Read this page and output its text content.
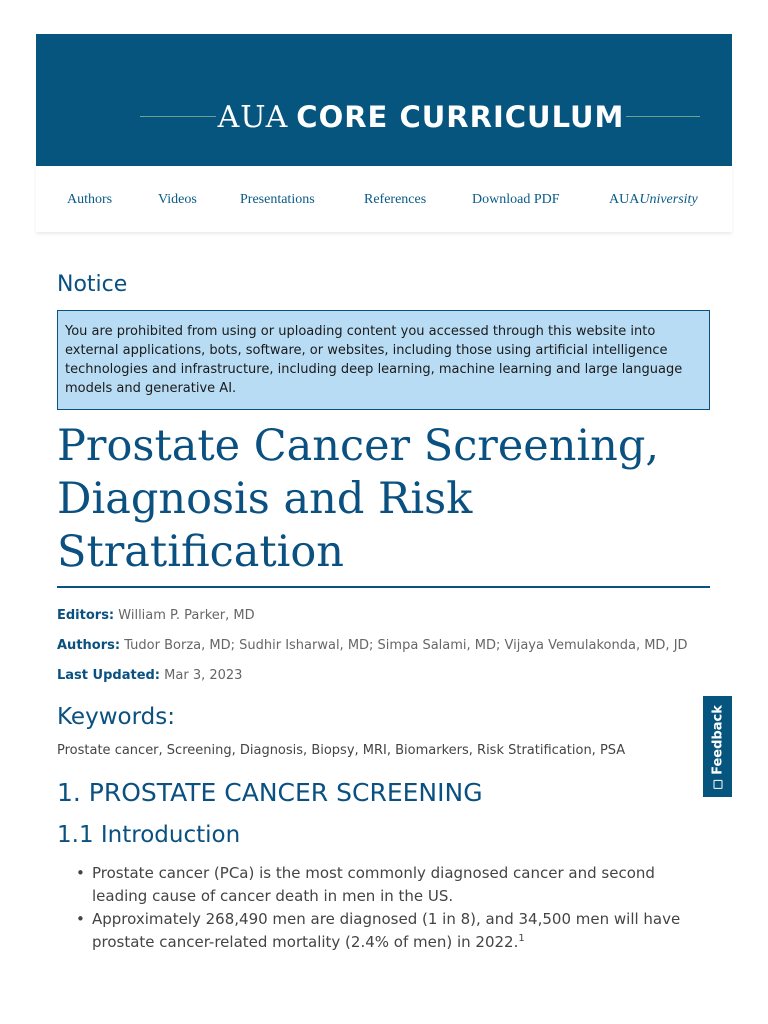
AUA CORE CURRICULUM
Authors	Videos	Presentations	References	Download PDF	AUAUniversity
Notice
You are prohibited from using or uploading content you accessed through this website into external applications, bots, software, or websites, including those using artificial intelligence technologies and infrastructure, including deep learning, machine learning and large language models and generative AI.
Prostate Cancer Screening, Diagnosis and Risk Stratification
Editors: William P. Parker, MD
Authors: Tudor Borza, MD; Sudhir Isharwal, MD; Simpa Salami, MD; Vijaya Vemulakonda, MD, JD
Last Updated: Mar 3, 2023
Keywords:
Prostate cancer, Screening, Diagnosis, Biopsy, MRI, Biomarkers, Risk Stratification, PSA
1. PROSTATE CANCER SCREENING
1.1 Introduction
• Prostate cancer (PCa) is the most commonly diagnosed cancer and second leading cause of cancer death in men in the US.
• Approximately 268,490 men are diagnosed (1 in 8), and 34,500 men will have prostate cancer-related mortality (2.4% of men) in 2022.$^1$
Feedback
